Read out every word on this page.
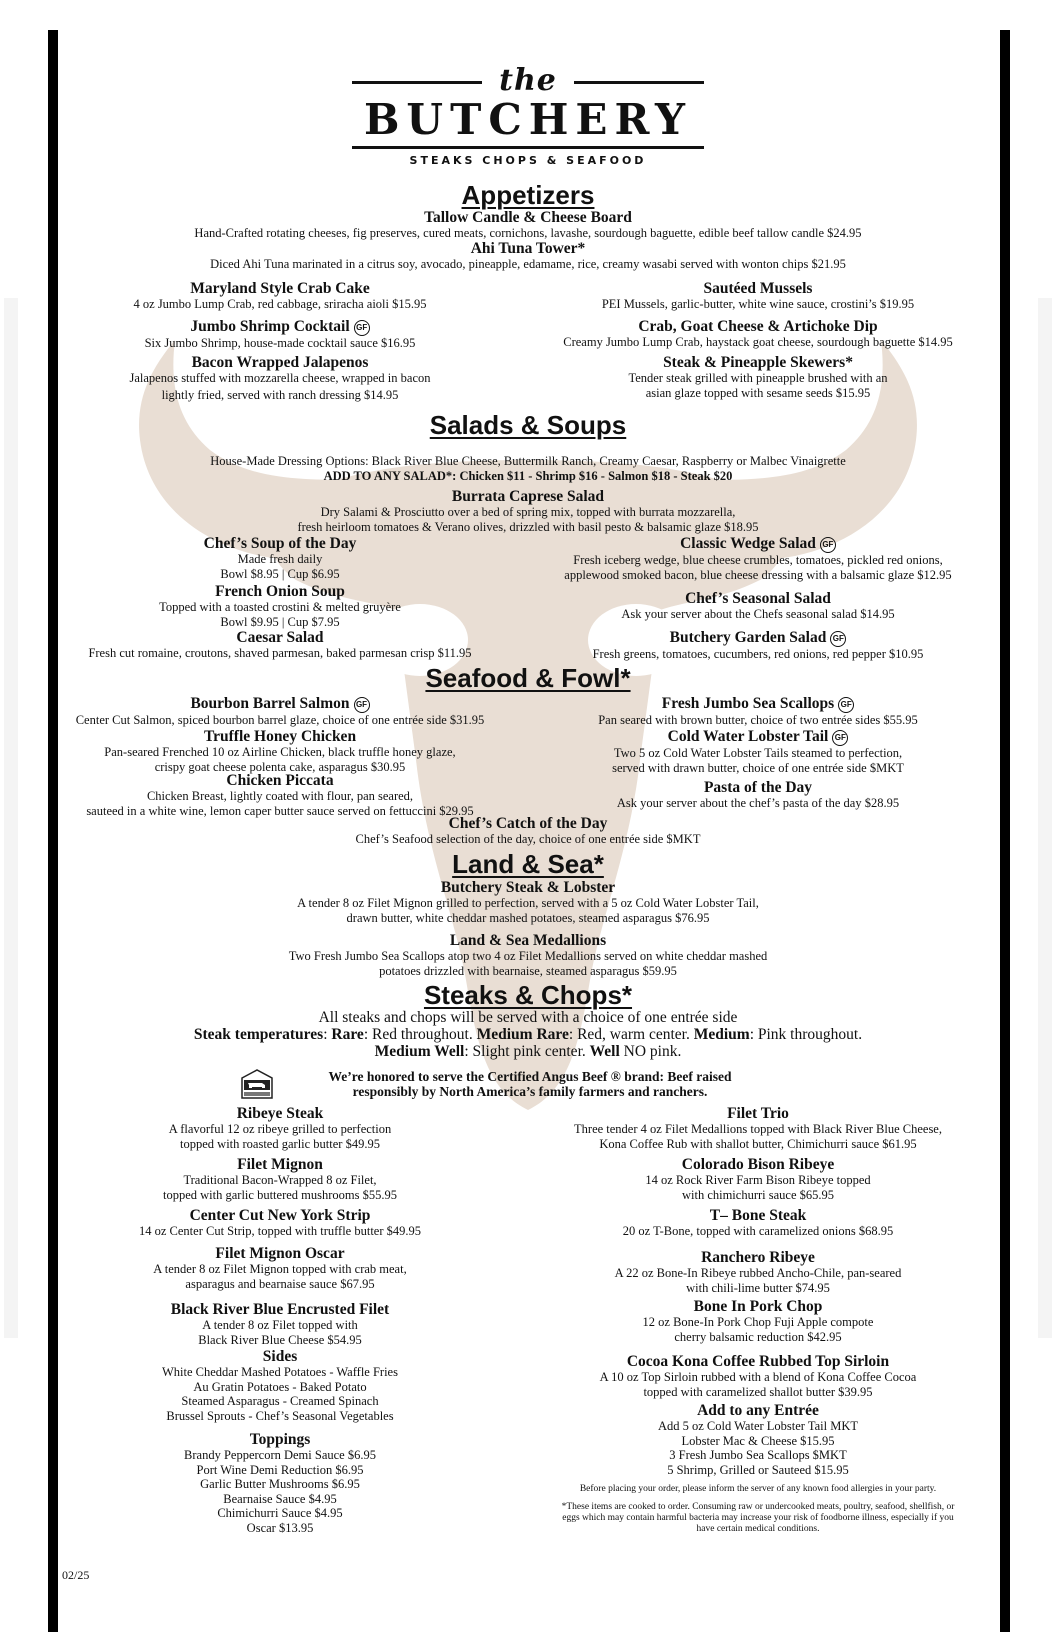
the
BUTCHERY
STEAKS CHOPS & SEAFOOD
Appetizers
Tallow Candle & Cheese Board
Hand-Crafted rotating cheeses, fig preserves, cured meats, cornichons, lavashe, sourdough baguette, edible beef tallow candle $24.95
Ahi Tuna Tower*
Diced Ahi Tuna marinated in a citrus soy, avocado, pineapple, edamame, rice, creamy wasabi served with wonton chips $21.95
Maryland Style Crab Cake
4 oz Jumbo Lump Crab, red cabbage, sriracha aioli $15.95
Sautéed Mussels
PEI Mussels, garlic-butter, white wine sauce, crostini’s $19.95
Jumbo Shrimp Cocktail GF
Six Jumbo Shrimp, house-made cocktail sauce $16.95
Crab, Goat Cheese & Artichoke Dip
Creamy Jumbo Lump Crab, haystack goat cheese, sourdough baguette $14.95
Bacon Wrapped Jalapenos
Jalapenos stuffed with mozzarella cheese, wrapped in bacon
lightly fried, served with ranch dressing $14.95
Steak & Pineapple Skewers*
Tender steak grilled with pineapple brushed with an
asian glaze topped with sesame seeds $15.95
Salads & Soups
House-Made Dressing Options: Black River Blue Cheese, Buttermilk Ranch, Creamy Caesar, Raspberry or Malbec Vinaigrette
ADD TO ANY SALAD*: Chicken $11 - Shrimp $16 - Salmon $18 - Steak $20
Burrata Caprese Salad
Dry Salami & Prosciutto over a bed of spring mix, topped with burrata mozzarella,
fresh heirloom tomatoes & Verano olives, drizzled with basil pesto & balsamic glaze $18.95
Chef’s Soup of the Day
Made fresh daily
Bowl $8.95 | Cup $6.95
Classic Wedge Salad GF
Fresh iceberg wedge, blue cheese crumbles, tomatoes, pickled red onions,
applewood smoked bacon, blue cheese dressing with a balsamic glaze $12.95
French Onion Soup
Topped with a toasted crostini & melted gruyère
Bowl $9.95 | Cup $7.95
Chef’s Seasonal Salad
Ask your server about the Chefs seasonal salad $14.95
Caesar Salad
Fresh cut romaine, croutons, shaved parmesan, baked parmesan crisp $11.95
Butchery Garden Salad GF
Fresh greens, tomatoes, cucumbers, red onions, red pepper $10.95
Seafood & Fowl*
Bourbon Barrel Salmon GF
Center Cut Salmon, spiced bourbon barrel glaze, choice of one entrée side $31.95
Fresh Jumbo Sea Scallops GF
Pan seared with brown butter, choice of two entrée sides $55.95
Truffle Honey Chicken
Pan-seared Frenched 10 oz Airline Chicken, black truffle honey glaze,
crispy goat cheese polenta cake, asparagus $30.95
Cold Water Lobster Tail GF
Two 5 oz Cold Water Lobster Tails steamed to perfection,
served with drawn butter, choice of one entrée side $MKT
Chicken Piccata
Chicken Breast, lightly coated with flour, pan seared,
sauteed in a white wine, lemon caper butter sauce served on fettuccini $29.95
Pasta of the Day
Ask your server about the chef’s pasta of the day $28.95
Chef’s Catch of the Day
Chef’s Seafood selection of the day, choice of one entrée side $MKT
Land & Sea*
Butchery Steak & Lobster
A tender 8 oz Filet Mignon grilled to perfection, served with a 5 oz Cold Water Lobster Tail,
drawn butter, white cheddar mashed potatoes, steamed asparagus $76.95
Land & Sea Medallions
Two Fresh Jumbo Sea Scallops atop two 4 oz Filet Medallions served on white cheddar mashed
potatoes drizzled with bearnaise, steamed asparagus $59.95
Steaks & Chops*
All steaks and chops will be served with a choice of one entrée side
Steak temperatures: Rare: Red throughout. Medium Rare: Red, warm center. Medium: Pink throughout.
Medium Well: Slight pink center. Well NO pink.
We’re honored to serve the Certified Angus Beef ® brand: Beef raised
responsibly by North America’s family farmers and ranchers.
Ribeye Steak
A flavorful 12 oz ribeye grilled to perfection
topped with roasted garlic butter $49.95
Filet Trio
Three tender 4 oz Filet Medallions topped with Black River Blue Cheese,
Kona Coffee Rub with shallot butter, Chimichurri sauce $61.95
Filet Mignon
Traditional Bacon-Wrapped 8 oz Filet,
topped with garlic buttered mushrooms $55.95
Colorado Bison Ribeye
14 oz Rock River Farm Bison Ribeye topped
with chimichurri sauce $65.95
Center Cut New York Strip
14 oz Center Cut Strip, topped with truffle butter $49.95
T– Bone Steak
20 oz T-Bone, topped with caramelized onions $68.95
Filet Mignon Oscar
A tender 8 oz Filet Mignon topped with crab meat,
asparagus and bearnaise sauce $67.95
Ranchero Ribeye
A 22 oz Bone-In Ribeye rubbed Ancho-Chile, pan-seared
with chili-lime butter $74.95
Black River Blue Encrusted Filet
A tender 8 oz Filet topped with
Black River Blue Cheese $54.95
Bone In Pork Chop
12 oz Bone-In Pork Chop Fuji Apple compote
cherry balsamic reduction $42.95
Sides
White Cheddar Mashed Potatoes - Waffle Fries
Au Gratin Potatoes - Baked Potato
Steamed Asparagus - Creamed Spinach
Brussel Sprouts - Chef’s Seasonal Vegetables
Cocoa Kona Coffee Rubbed Top Sirloin
A 10 oz Top Sirloin rubbed with a blend of Kona Coffee Cocoa
topped with caramelized shallot butter $39.95
Add to any Entrée
Add 5 oz Cold Water Lobster Tail MKT
Lobster Mac & Cheese $15.95
3 Fresh Jumbo Sea Scallops $MKT
5 Shrimp, Grilled or Sauteed $15.95
Toppings
Brandy Peppercorn Demi Sauce $6.95
Port Wine Demi Reduction $6.95
Garlic Butter Mushrooms $6.95
Bearnaise Sauce $4.95
Chimichurri Sauce $4.95
Oscar $13.95
Before placing your order, please inform the server of any known food allergies in your party.
*These items are cooked to order. Consuming raw or undercooked meats, poultry, seafood, shellfish, or
eggs which may contain harmful bacteria may increase your risk of foodborne illness, especially if you
have certain medical conditions.
02/25
